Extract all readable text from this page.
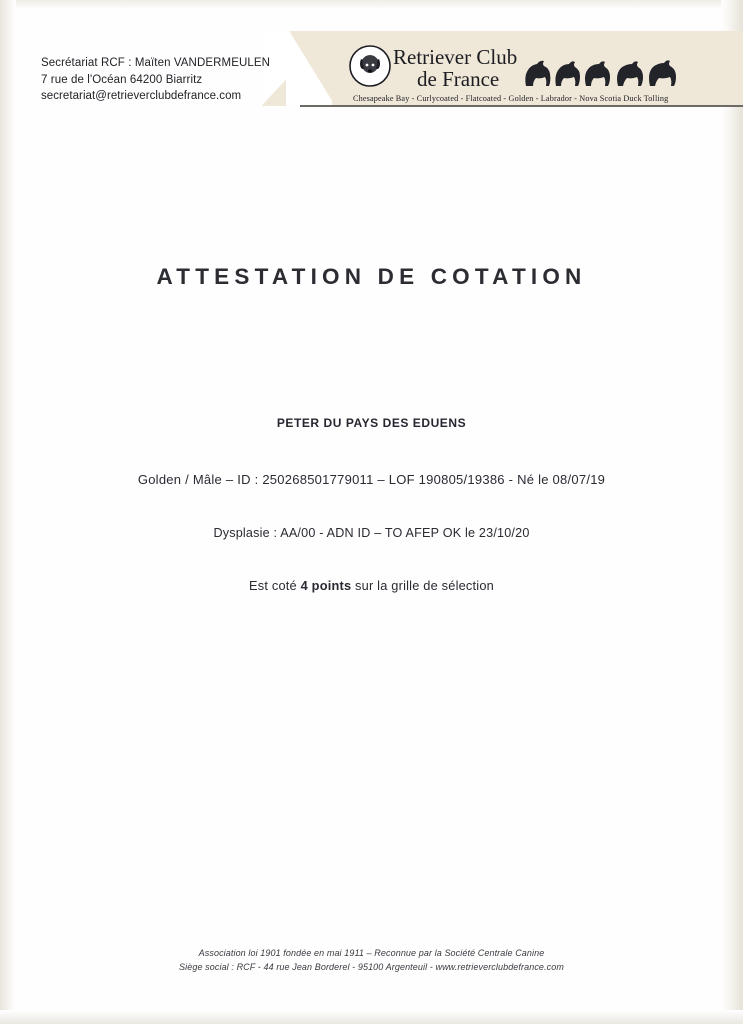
Secrétariat RCF : Maïten VANDERMEULEN
7 rue de l'Océan 64200 Biarritz
secretariat@retrieverclubdefrance.com
Retriever Club
de France
Chesapeake Bay - Curlycoated - Flatcoated - Golden - Labrador - Nova Scotia Duck Tolling
ATTESTATION DE COTATION
PETER DU PAYS DES EDUENS
Golden / Mâle – ID : 250268501779011 – LOF 190805/19386 - Né le 08/07/19
Dysplasie : AA/00 - ADN ID – TO AFEP OK le 23/10/20
Est coté 4 points sur la grille de sélection
Association loi 1901 fondée en mai 1911 – Reconnue par la Société Centrale Canine
Siège social : RCF - 44 rue Jean Borderel - 95100 Argenteuil - www.retrieverclubdefrance.com
